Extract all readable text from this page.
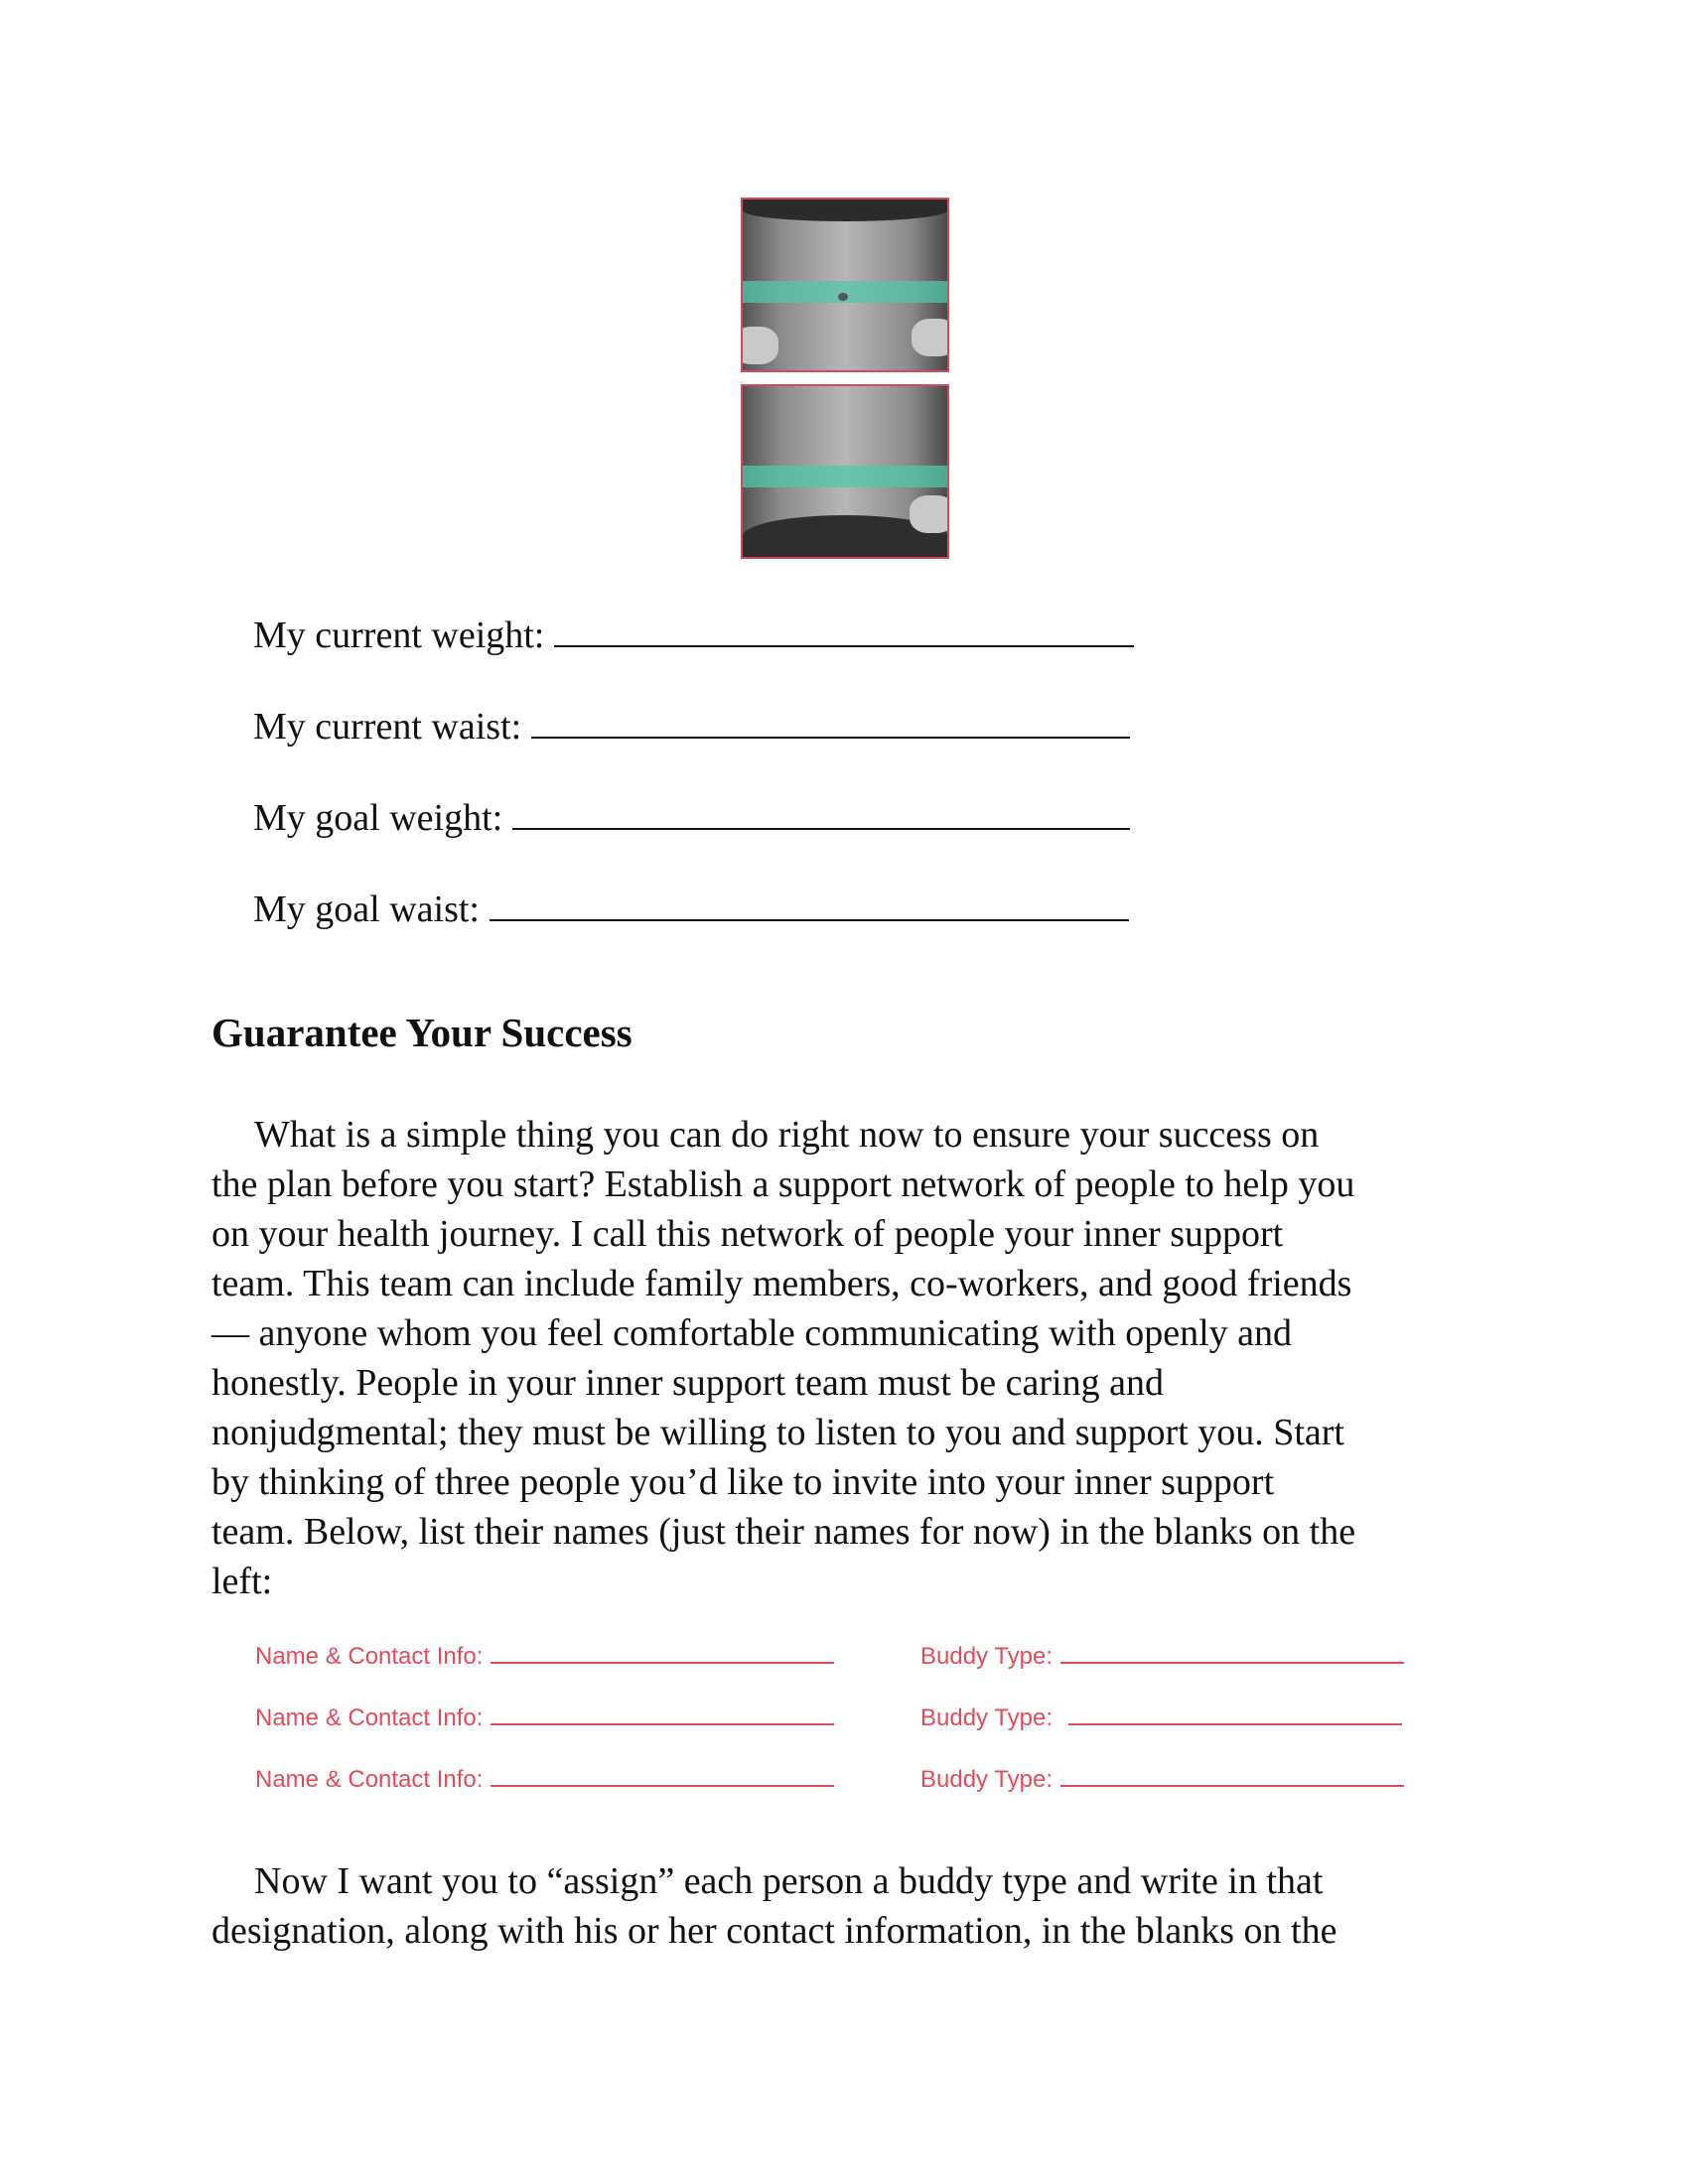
My current weight:
My current waist:
My goal weight:
My goal waist:
Guarantee Your Success
What is a simple thing you can do right now to ensure your success on
the plan before you start? Establish a support network of people to help you
on your health journey. I call this network of people your inner support
team. This team can include family members, co-workers, and good friends
— anyone whom you feel comfortable communicating with openly and
honestly. People in your inner support team must be caring and
nonjudgmental; they must be willing to listen to you and support you. Start
by thinking of three people you’d like to invite into your inner support
team. Below, list their names (just their names for now) in the blanks on the
left:
Name & Contact Info:	Buddy Type:
Name & Contact Info:	Buddy Type:
Name & Contact Info:	Buddy Type:
Now I want you to “assign” each person a buddy type and write in that
designation, along with his or her contact information, in the blanks on the
